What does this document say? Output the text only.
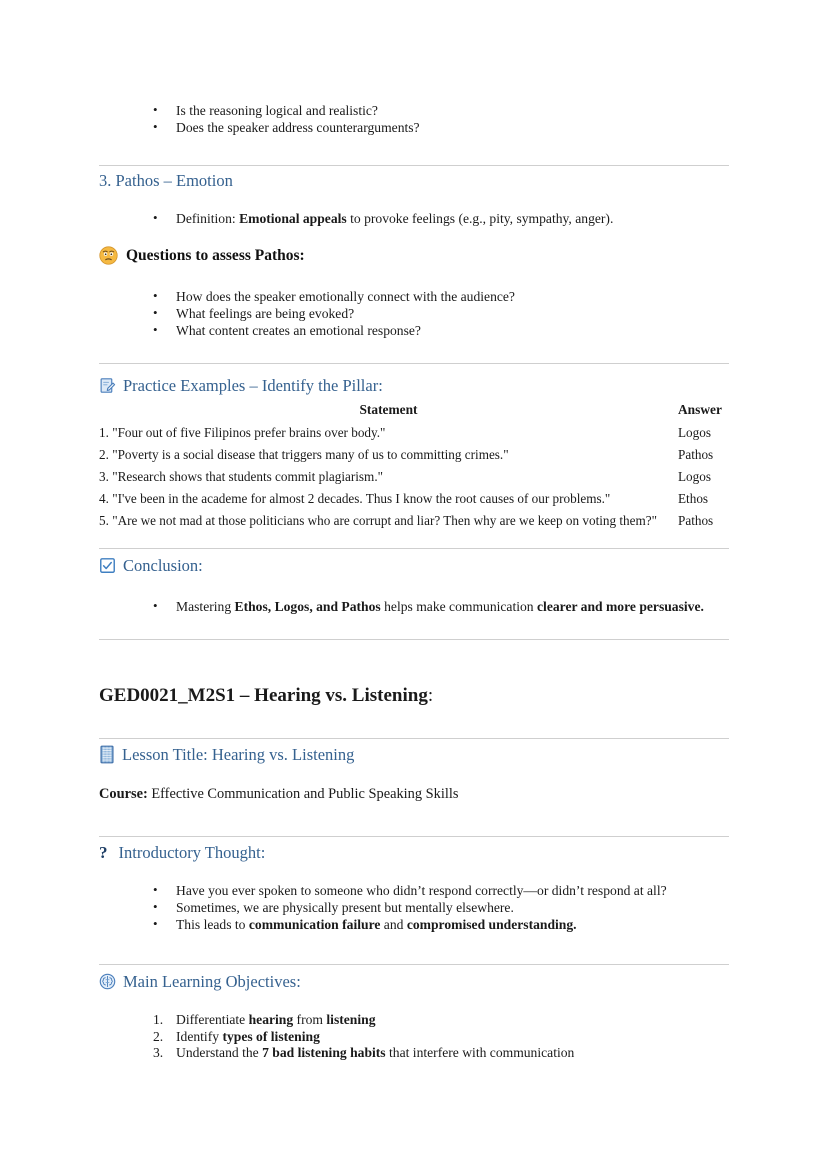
• Is the reasoning logical and realistic?
• Does the speaker address counterarguments?
3. Pathos – Emotion
• Definition: Emotional appeals to provoke feelings (e.g., pity, sympathy, anger).
Questions to assess Pathos:
• How does the speaker emotionally connect with the audience?
• What feelings are being evoked?
• What content creates an emotional response?
Practice Examples – Identify the Pillar:
Statement	Answer
1. "Four out of five Filipinos prefer brains over body."	Logos
2. "Poverty is a social disease that triggers many of us to committing crimes."	Pathos
3. "Research shows that students commit plagiarism."	Logos
4. "I've been in the academe for almost 2 decades. Thus I know the root causes of our problems."	Ethos
5. "Are we not mad at those politicians who are corrupt and liar? Then why are we keep on voting them?"	Pathos
Conclusion:
• Mastering Ethos, Logos, and Pathos helps make communication clearer and more persuasive.
GED0021_M2S1 – Hearing vs. Listening:
Lesson Title: Hearing vs. Listening
Course: Effective Communication and Public Speaking Skills
? Introductory Thought:
• Have you ever spoken to someone who didn’t respond correctly—or didn’t respond at all?
• Sometimes, we are physically present but mentally elsewhere.
• This leads to communication failure and compromised understanding.
Main Learning Objectives:
Differentiate hearing from listening
Identify types of listening
Understand the 7 bad listening habits that interfere with communication
